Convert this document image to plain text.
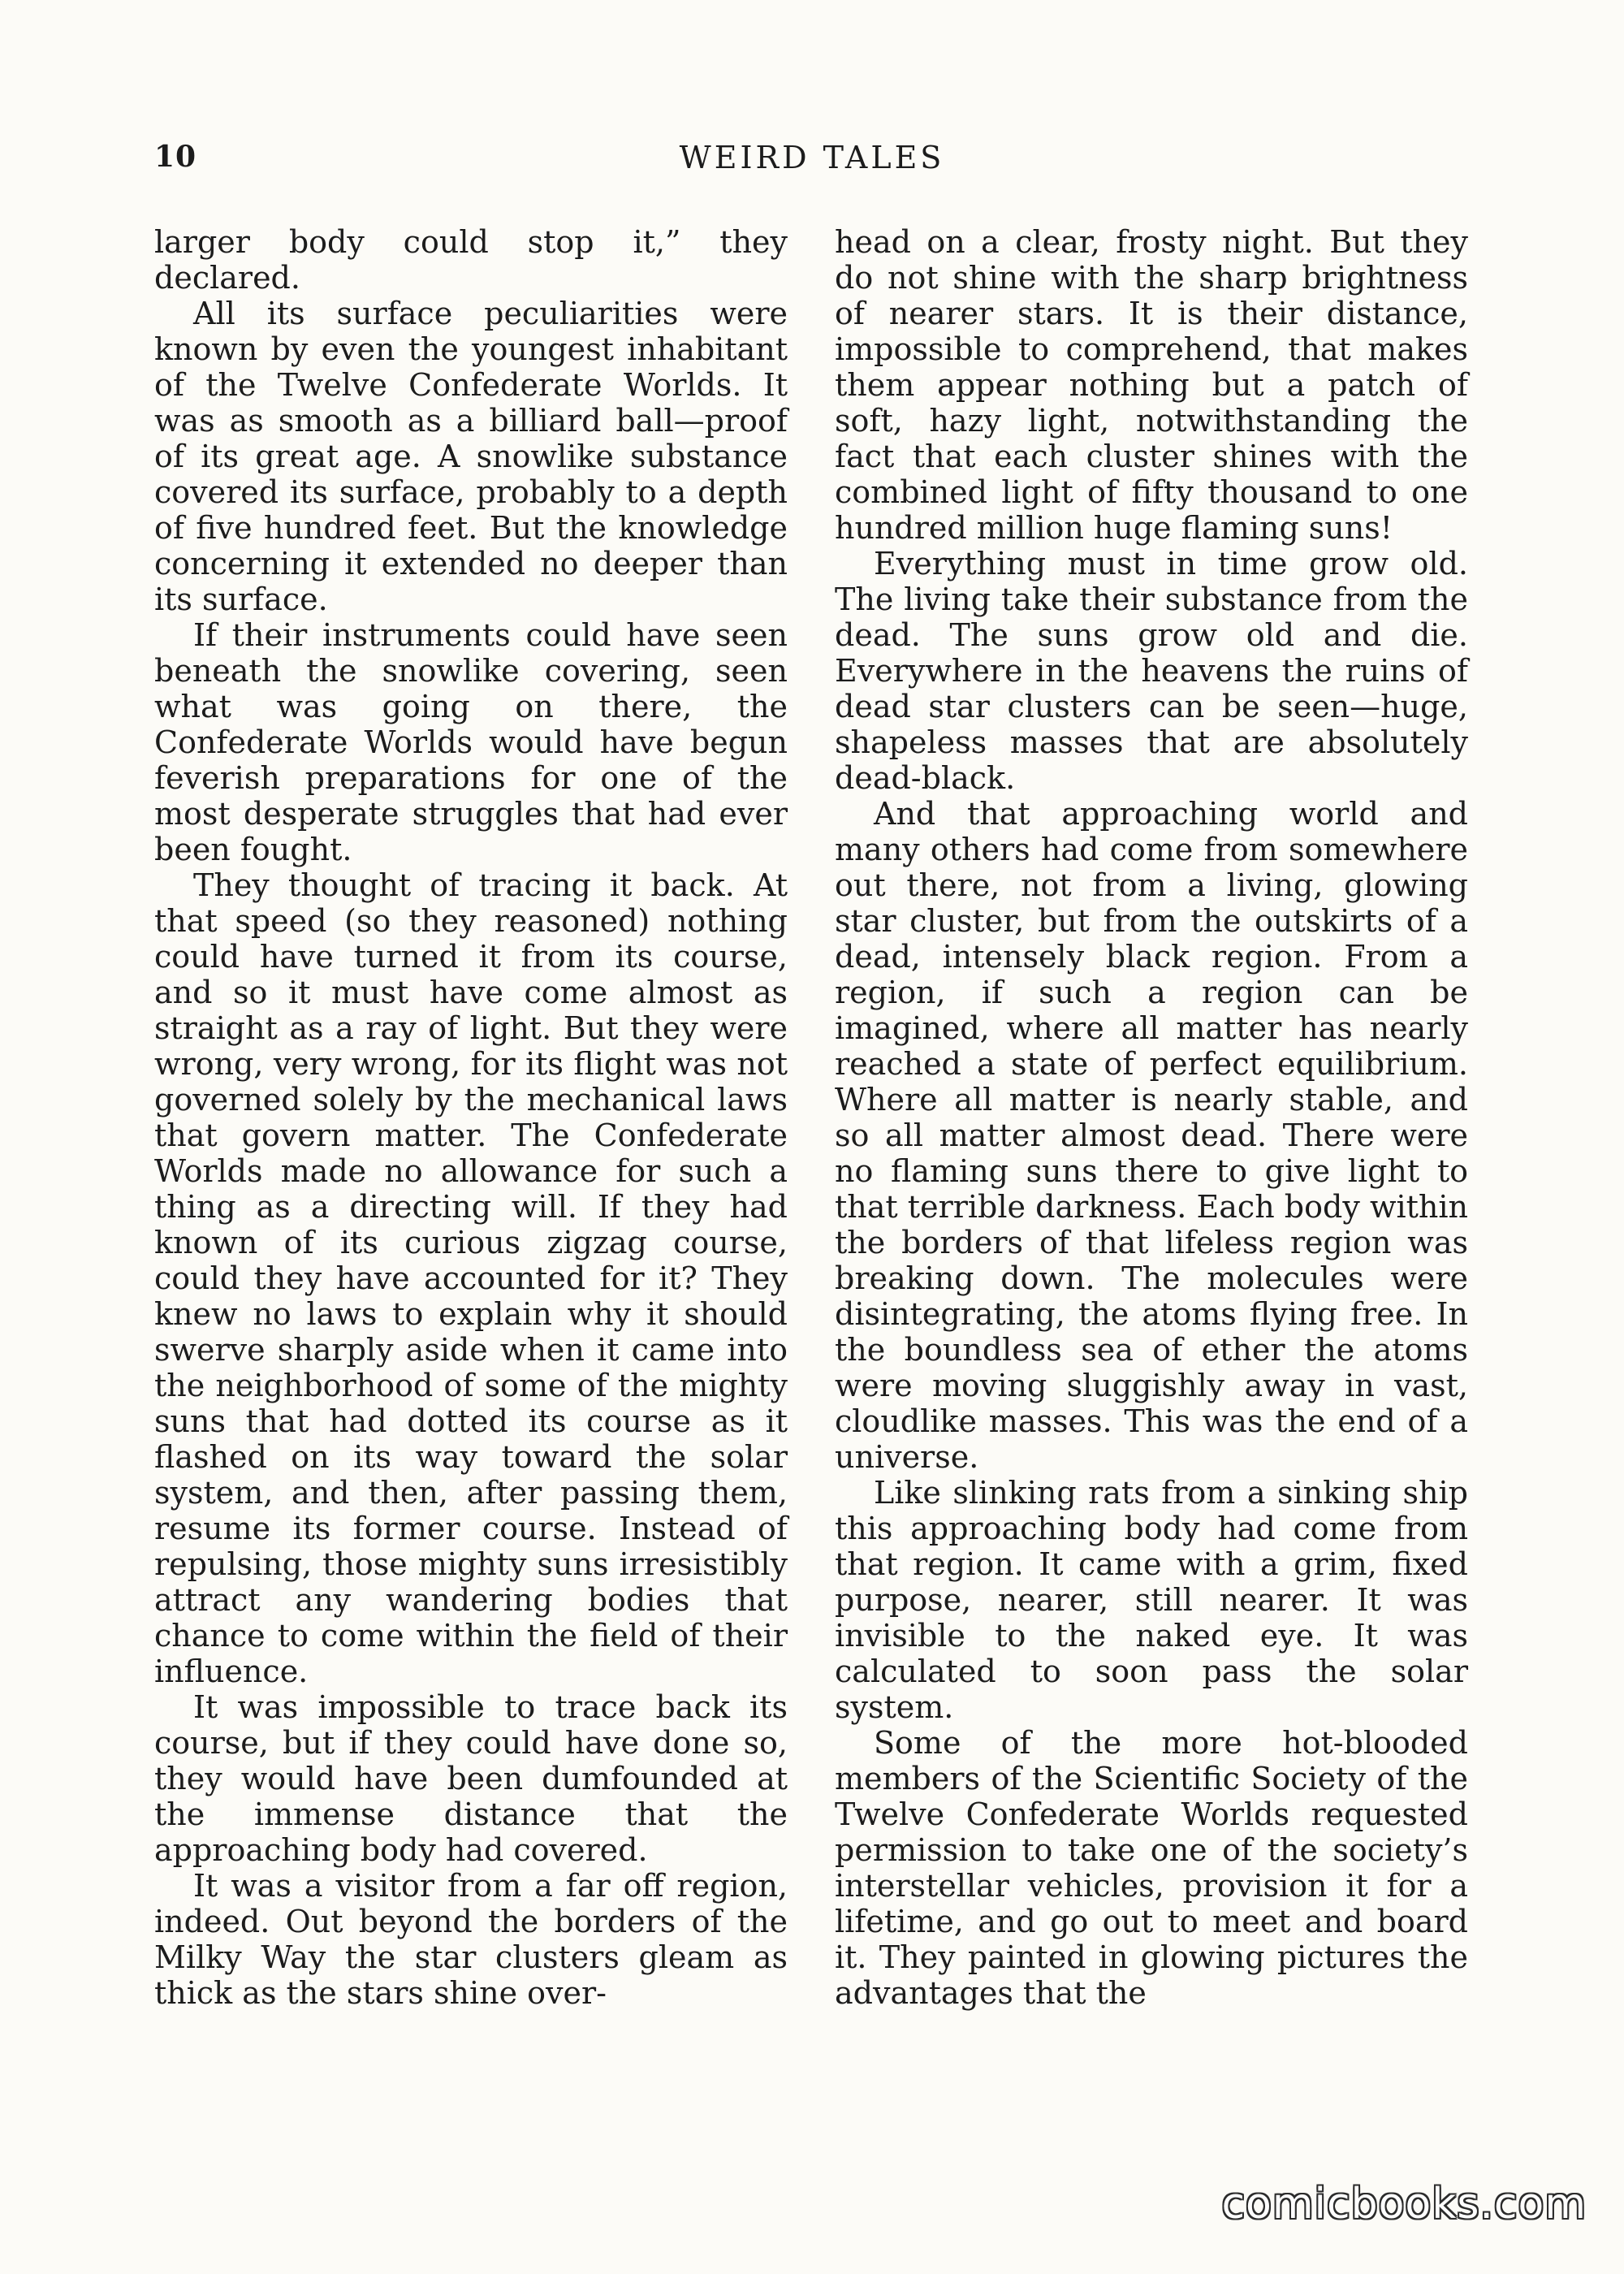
10	WEIRD TALES

larger body could stop it,” they declared.

All its surface peculiarities were known by even the youngest inhabitant of the Twelve Confederate Worlds. It was as smooth as a billiard ball—proof of its great age. A snowlike substance covered its surface, probably to a depth of five hundred feet. But the knowledge concerning it extended no deeper than its surface.

If their instruments could have seen beneath the snowlike covering, seen what was going on there, the Confederate Worlds would have begun feverish preparations for one of the most desperate struggles that had ever been fought.

They thought of tracing it back. At that speed (so they reasoned) nothing could have turned it from its course, and so it must have come almost as straight as a ray of light. But they were wrong, very wrong, for its flight was not governed solely by the mechanical laws that govern matter. The Confederate Worlds made no allowance for such a thing as a directing will. If they had known of its curious zigzag course, could they have accounted for it? They knew no laws to explain why it should swerve sharply aside when it came into the neighborhood of some of the mighty suns that had dotted its course as it flashed on its way toward the solar system, and then, after passing them, resume its former course. Instead of repulsing, those mighty suns irresistibly attract any wandering bodies that chance to come within the field of their influence.

It was impossible to trace back its course, but if they could have done so, they would have been dumfounded at the immense distance that the approaching body had covered.

It was a visitor from a far off region, indeed. Out beyond the borders of the Milky Way the star clusters gleam as thick as the stars shine over-

head on a clear, frosty night. But they do not shine with the sharp brightness of nearer stars. It is their distance, impossible to comprehend, that makes them appear nothing but a patch of soft, hazy light, notwithstanding the fact that each cluster shines with the combined light of fifty thousand to one hundred million huge flaming suns!

Everything must in time grow old. The living take their substance from the dead. The suns grow old and die. Everywhere in the heavens the ruins of dead star clusters can be seen—huge, shapeless masses that are absolutely dead-black.

And that approaching world and many others had come from somewhere out there, not from a living, glowing star cluster, but from the outskirts of a dead, intensely black region. From a region, if such a region can be imagined, where all matter has nearly reached a state of perfect equilibrium. Where all matter is nearly stable, and so all matter almost dead. There were no flaming suns there to give light to that terrible darkness. Each body within the borders of that lifeless region was breaking down. The molecules were disintegrating, the atoms flying free. In the boundless sea of ether the atoms were moving sluggishly away in vast, cloudlike masses. This was the end of a universe.

Like slinking rats from a sinking ship this approaching body had come from that region. It came with a grim, fixed purpose, nearer, still nearer. It was invisible to the naked eye. It was calculated to soon pass the solar system.

Some of the more hot-blooded members of the Scientific Society of the Twelve Confederate Worlds requested permission to take one of the society’s interstellar vehicles, provision it for a lifetime, and go out to meet and board it. They painted in glowing pictures the advantages that the

comicbooks.com
